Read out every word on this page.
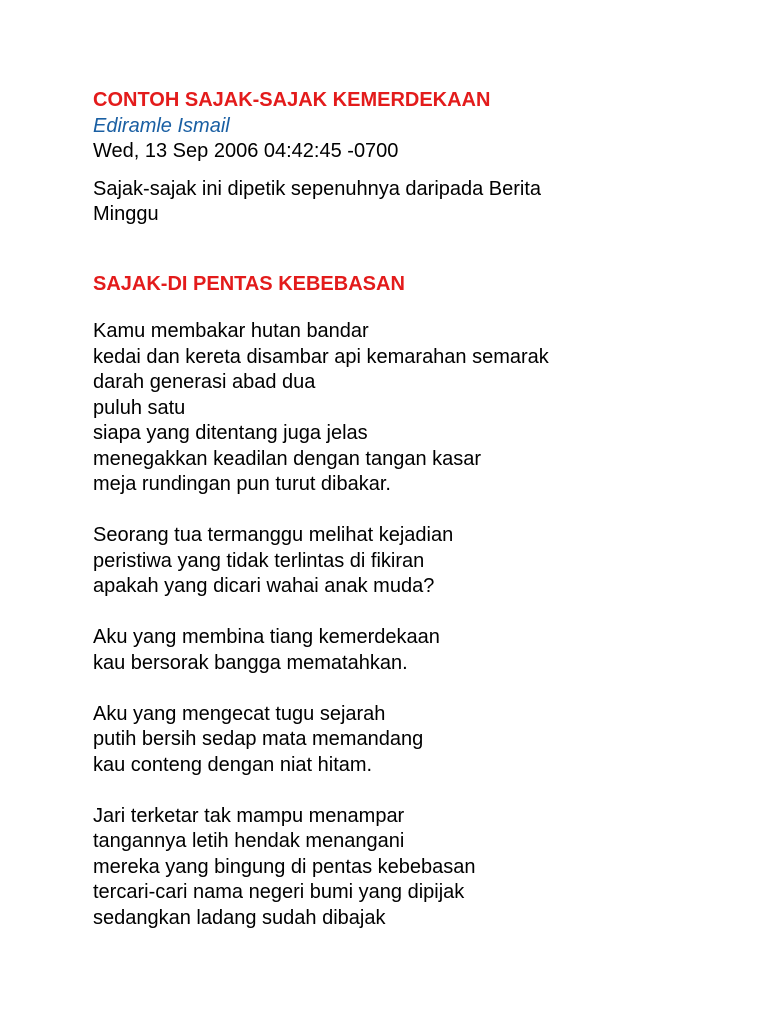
CONTOH SAJAK-SAJAK KEMERDEKAAN

Ediramle Ismail

Wed, 13 Sep 2006 04:42:45 -0700

Sajak-sajak ini dipetik sepenuhnya daripada Berita
Minggu

SAJAK-DI PENTAS KEBEBASAN

Kamu membakar hutan bandar
kedai dan kereta disambar api kemarahan semarak
darah generasi abad dua
puluh satu
siapa yang ditentang juga jelas
menegakkan keadilan dengan tangan kasar
meja rundingan pun turut dibakar.
Seorang tua termanggu melihat kejadian
peristiwa yang tidak terlintas di fikiran
apakah yang dicari wahai anak muda?
Aku yang membina tiang kemerdekaan
kau bersorak bangga mematahkan.
Aku yang mengecat tugu sejarah
putih bersih sedap mata memandang
kau conteng dengan niat hitam.
Jari terketar tak mampu menampar
tangannya letih hendak menangani
mereka yang bingung di pentas kebebasan
tercari-cari nama negeri bumi yang dipijak
sedangkan ladang sudah dibajak
